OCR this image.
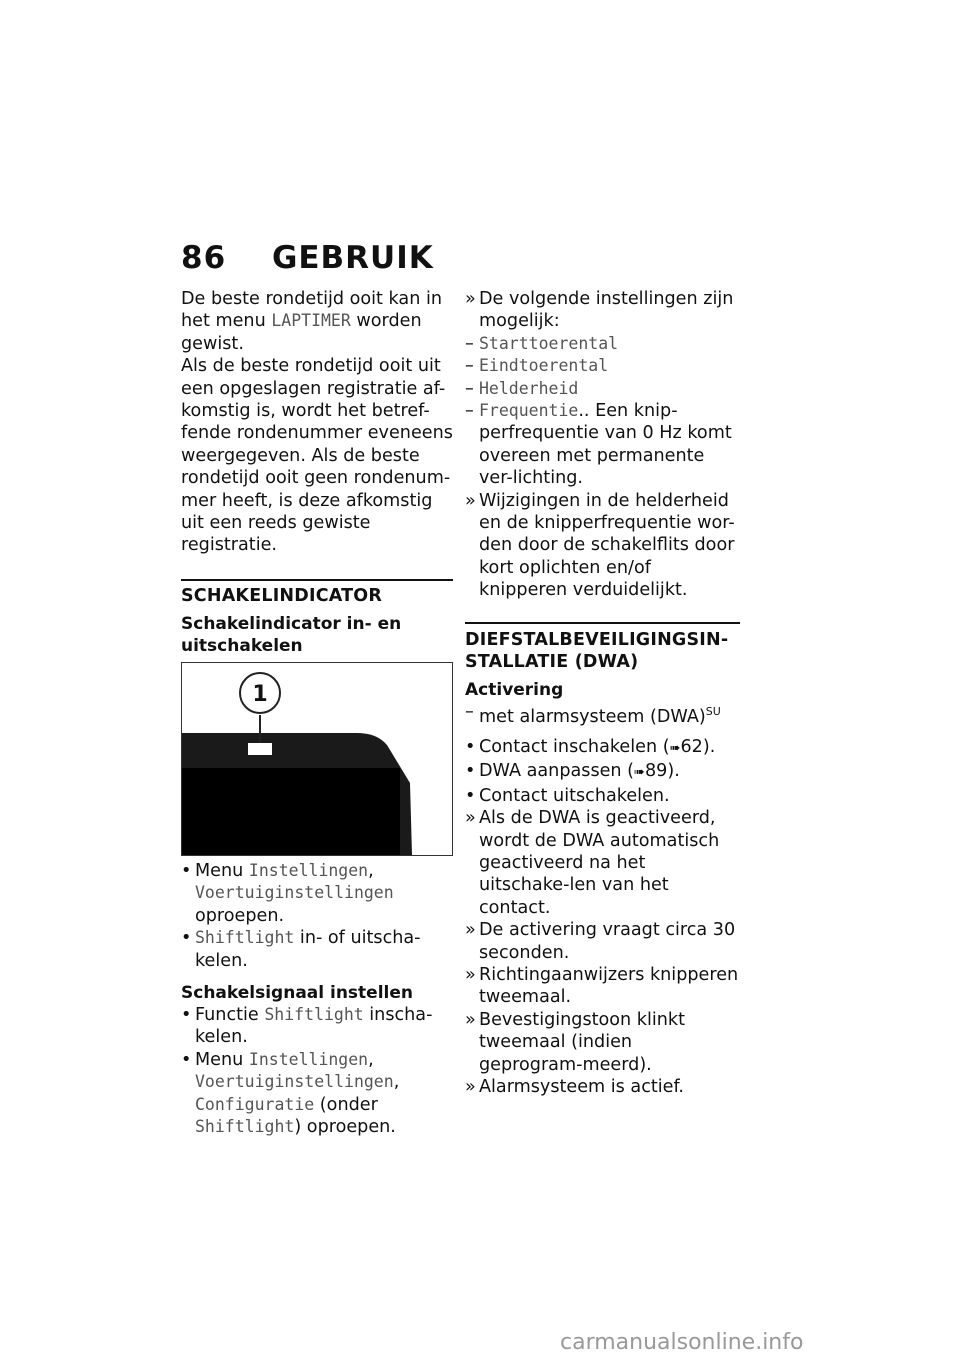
86 GEBRUIK

De beste rondetijd ooit kan in het menu LAPTIMER worden gewist.

Als de beste rondetijd ooit uit een opgeslagen registratie af-komstig is, wordt het betref-fende rondenummer eveneens weergegeven. Als de beste rondetijd ooit geen rondenum-mer heeft, is deze afkomstig uit een reeds gewiste registratie.

SCHAKELINDICATOR
Schakelindicator in- en uitschakelen
1
• Menu Instellingen, Voertuiginstellingen oproepen.
• Shiftlight in- of uitscha-kelen.
Schakelsignaal instellen
• Functie Shiftlight inscha-kelen.
• Menu Instellingen, Voertuiginstellingen, Configuratie (onder Shiftlight) oproepen.
» De volgende instellingen zijn mogelijk:
– Starttoerental
– Eindtoerental
– Helderheid
– Frequentie.. Een knip-perfrequentie van 0 Hz komt overeen met permanente ver-lichting.
» Wijzigingen in de helderheid en de knipperfrequentie wor-den door de schakelflits door kort oplichten en/of knipperen verduidelijkt.
DIEFSTALBEVEILIGINGSIN-STALLATIE (DWA)
Activering
– met alarmsysteem (DWA)$^{SU}$
• Contact inschakelen (➠62).
• DWA aanpassen (➠89).
• Contact uitschakelen.
» Als de DWA is geactiveerd, wordt de DWA automatisch geactiveerd na het uitschake-len van het contact.
» De activering vraagt circa 30 seconden.
» Richtingaanwijzers knipperen tweemaal.
» Bevestigingstoon klinkt tweemaal (indien geprogram-meerd).
» Alarmsysteem is actief.
carmanualsonline.info
